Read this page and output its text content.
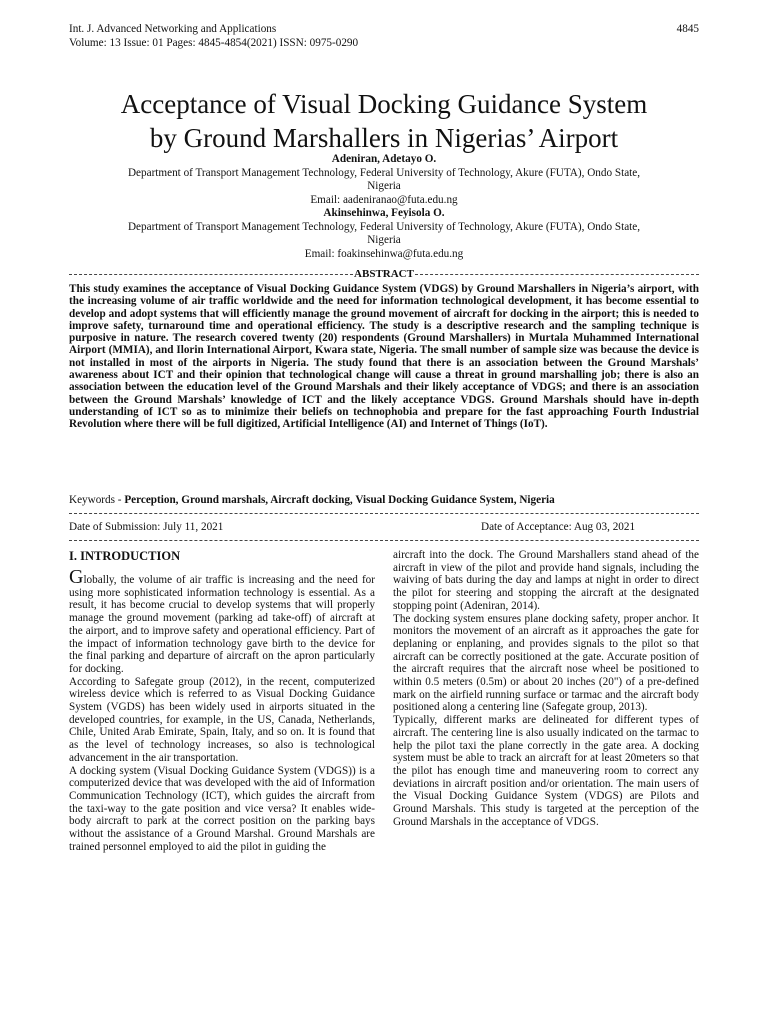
Int. J. Advanced Networking and Applications
Volume: 13 Issue: 01 Pages: 4845-4854(2021) ISSN: 0975-0290
4845
Acceptance of Visual Docking Guidance System
by Ground Marshallers in Nigerias’ Airport
Adeniran, Adetayo O.
Department of Transport Management Technology, Federal University of Technology, Akure (FUTA), Ondo State,
Nigeria
Email: aadeniranao@futa.edu.ng
Akinsehinwa, Feyisola O.
Department of Transport Management Technology, Federal University of Technology, Akure (FUTA), Ondo State,
Nigeria
Email: foakinsehinwa@futa.edu.ng
ABSTRACT
This study examines the acceptance of Visual Docking Guidance System (VDGS) by Ground Marshallers in Nigeria’s airport, with the increasing volume of air traffic worldwide and the need for information technological development, it has become essential to develop and adopt systems that will efficiently manage the ground movement of aircraft for docking in the airport; this is needed to improve safety, turnaround time and operational efficiency. The study is a descriptive research and the sampling technique is purposive in nature. The research covered twenty (20) respondents (Ground Marshallers) in Murtala Muhammed International Airport (MMIA), and Ilorin International Airport, Kwara state, Nigeria. The small number of sample size was because the device is not installed in most of the airports in Nigeria. The study found that there is an association between the Ground Marshals’ awareness about ICT and their opinion that technological change will cause a threat in ground marshalling job; there is also an association between the education level of the Ground Marshals and their likely acceptance of VDGS; and there is an association between the Ground Marshals’ knowledge of ICT and the likely acceptance VDGS. Ground Marshals should have in-depth understanding of ICT so as to minimize their beliefs on technophobia and prepare for the fast approaching Fourth Industrial Revolution where there will be full digitized, Artificial Intelligence (AI) and Internet of Things (IoT).
Keywords - Perception, Ground marshals, Aircraft docking, Visual Docking Guidance System, Nigeria
Date of Submission: July 11, 2021	Date of Acceptance: Aug 03, 2021

I. INTRODUCTION

Globally, the volume of air traffic is increasing and the need for using more sophisticated information technology is essential. As a result, it has become crucial to develop systems that will properly manage the ground movement (parking ad take-off) of aircraft at the airport, and to improve safety and operational efficiency. Part of the impact of information technology gave birth to the device for the final parking and departure of aircraft on the apron particularly for docking.

According to Safegate group (2012), in the recent, computerized wireless device which is referred to as Visual Docking Guidance System (VGDS) has been widely used in airports situated in the developed countries, for example, in the US, Canada, Netherlands, Chile, United Arab Emirate, Spain, Italy, and so on. It is found that as the level of technology increases, so also is technological advancement in the air transportation.

A docking system (Visual Docking Guidance System (VDGS)) is a computerized device that was developed with the aid of Information Communication Technology (ICT), which guides the aircraft from the taxi-way to the gate position and vice versa? It enables wide-body aircraft to park at the correct position on the parking bays without the assistance of a Ground Marshal. Ground Marshals are trained personnel employed to aid the pilot in guiding the

aircraft into the dock. The Ground Marshallers stand ahead of the aircraft in view of the pilot and provide hand signals, including the waiving of bats during the day and lamps at night in order to direct the pilot for steering and stopping the aircraft at the designated stopping point (Adeniran, 2014).

The docking system ensures plane docking safety, proper anchor. It monitors the movement of an aircraft as it approaches the gate for deplaning or enplaning, and provides signals to the pilot so that aircraft can be correctly positioned at the gate. Accurate position of the aircraft requires that the aircraft nose wheel be positioned to within 0.5 meters (0.5m) or about 20 inches (20") of a pre-defined mark on the airfield running surface or tarmac and the aircraft body positioned along a centering line (Safegate group, 2013).

Typically, different marks are delineated for different types of aircraft. The centering line is also usually indicated on the tarmac to help the pilot taxi the plane correctly in the gate area. A docking system must be able to track an aircraft for at least 20meters so that the pilot has enough time and maneuvering room to correct any deviations in aircraft position and/or orientation. The main users of the Visual Docking Guidance System (VDGS) are Pilots and Ground Marshals. This study is targeted at the perception of the Ground Marshals in the acceptance of VDGS.
